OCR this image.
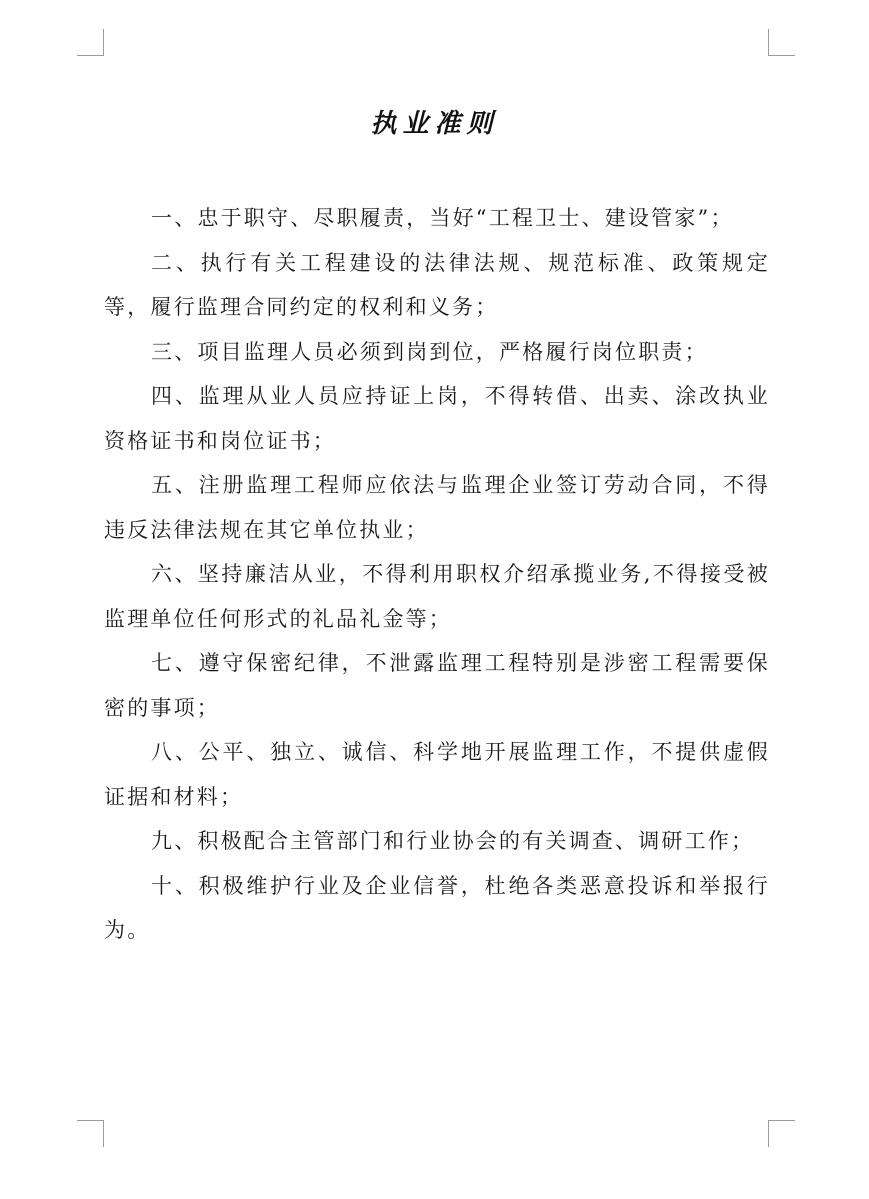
执业准则

一、忠于职守、尽职履责，当好“工程卫士、建设管家”；

二、执行有关工程建设的法律法规、规范标准、政策规定等，履行监理合同约定的权利和义务；

三、项目监理人员必须到岗到位，严格履行岗位职责；

四、监理从业人员应持证上岗，不得转借、出卖、涂改执业资格证书和岗位证书；

五、注册监理工程师应依法与监理企业签订劳动合同，不得违反法律法规在其它单位执业；

六、坚持廉洁从业，不得利用职权介绍承揽业务,不得接受被监理单位任何形式的礼品礼金等；

七、遵守保密纪律，不泄露监理工程特别是涉密工程需要保密的事项；

八、公平、独立、诚信、科学地开展监理工作，不提供虚假证据和材料；

九、积极配合主管部门和行业协会的有关调查、调研工作；

十、积极维护行业及企业信誉，杜绝各类恶意投诉和举报行为。
